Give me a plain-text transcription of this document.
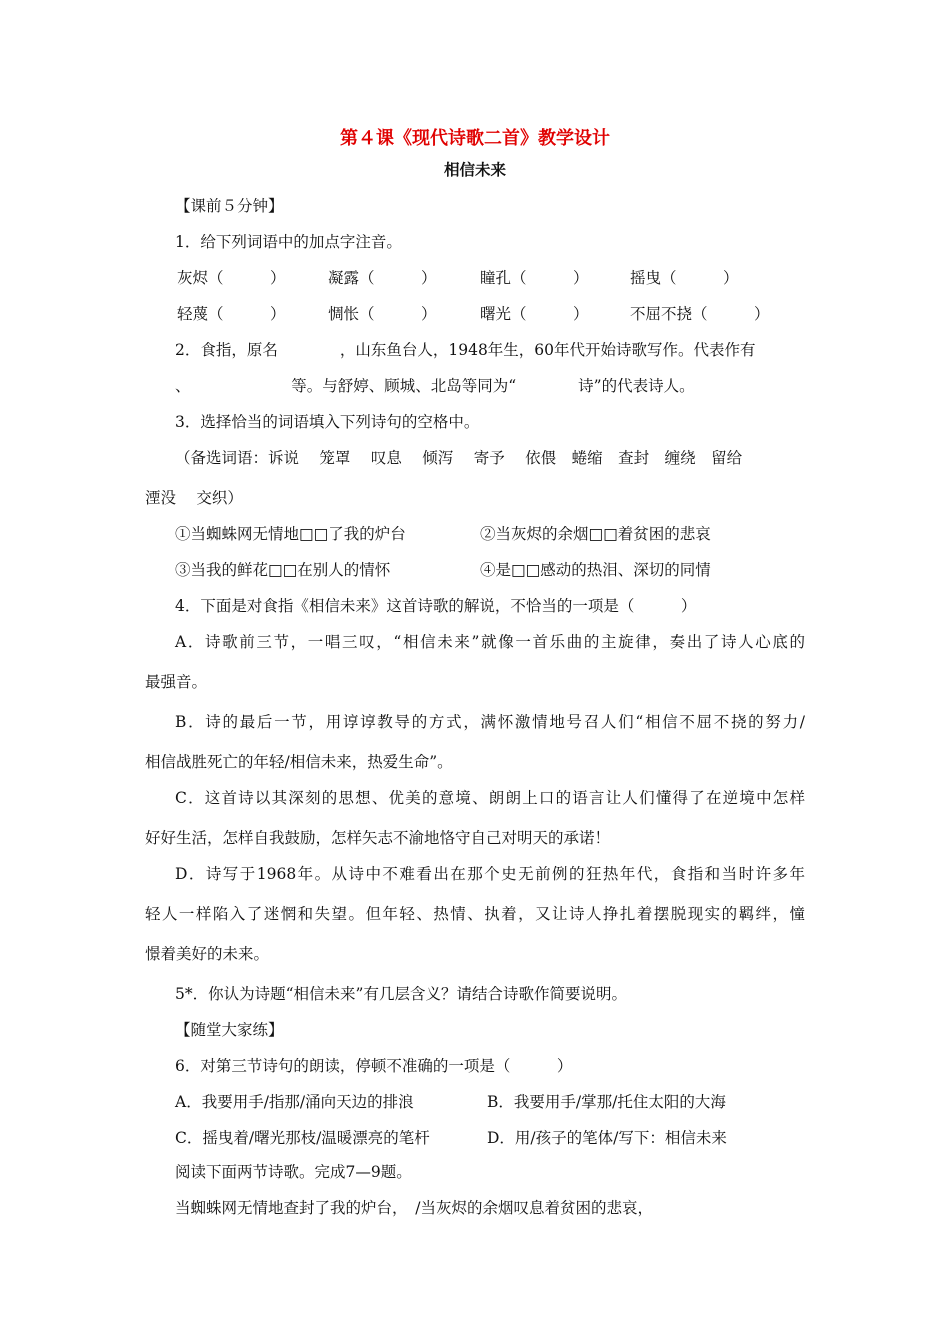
第４课《现代诗歌二首》教学设计
相信未来

【课前５分钟】

1．给下列词语中的加点字注音。

灰烬（　　　）	凝露（　　　）	瞳孔（　　　）	摇曳（　　　）
轻蔑（　　　）	惆怅（　　　）	曙光（　　　）	不屈不挠（　　　）

2．食指，原名　　　　，山东鱼台人，1948年生，60年代开始诗歌写作。代表作有

、　　　　　　　等。与舒婷、顾城、北岛等同为“　　　　诗”的代表诗人。

3．选择恰当的词语填入下列诗句的空格中。

（备选词语：诉说　 笼罩　 叹息　 倾泻　 寄予　 依偎　蜷缩　查封　缠绕　留给

湮没　 交织）

①当蜘蛛网无情地□□了我的炉台	②当灰烬的余烟□□着贫困的悲哀
③当我的鲜花□□在别人的情怀	④是□□感动的热泪、深切的同情

4．下面是对食指《相信未来》这首诗歌的解说，不恰当的一项是（　　　）

A．诗歌前三节，一唱三叹，“相信未来”就像一首乐曲的主旋律，奏出了诗人心底的

最强音。

B．诗的最后一节，用谆谆教导的方式，满怀激情地号召人们“相信不屈不挠的努力/

相信战胜死亡的年轻/相信未来，热爱生命”。

C．这首诗以其深刻的思想、优美的意境、朗朗上口的语言让人们懂得了在逆境中怎样

好好生活，怎样自我鼓励，怎样矢志不渝地恪守自己对明天的承诺！

D．诗写于1968年。从诗中不难看出在那个史无前例的狂热年代，食指和当时许多年

轻人一样陷入了迷惘和失望。但年轻、热情、执着，又让诗人挣扎着摆脱现实的羁绊，憧

憬着美好的未来。

5*．你认为诗题“相信未来”有几层含义？请结合诗歌作简要说明。

【随堂大家练】

6．对第三节诗句的朗读，停顿不准确的一项是（　　　）

A．我要用手/指那/涌向天边的排浪	B．我要用手/掌那/托住太阳的大海
C．摇曳着/曙光那枝/温暖漂亮的笔杆	D．用/孩子的笔体/写下：相信未来

阅读下面两节诗歌。完成7—9题。

当蜘蛛网无情地查封了我的炉台，　/当灰烬的余烟叹息着贫困的悲哀，
